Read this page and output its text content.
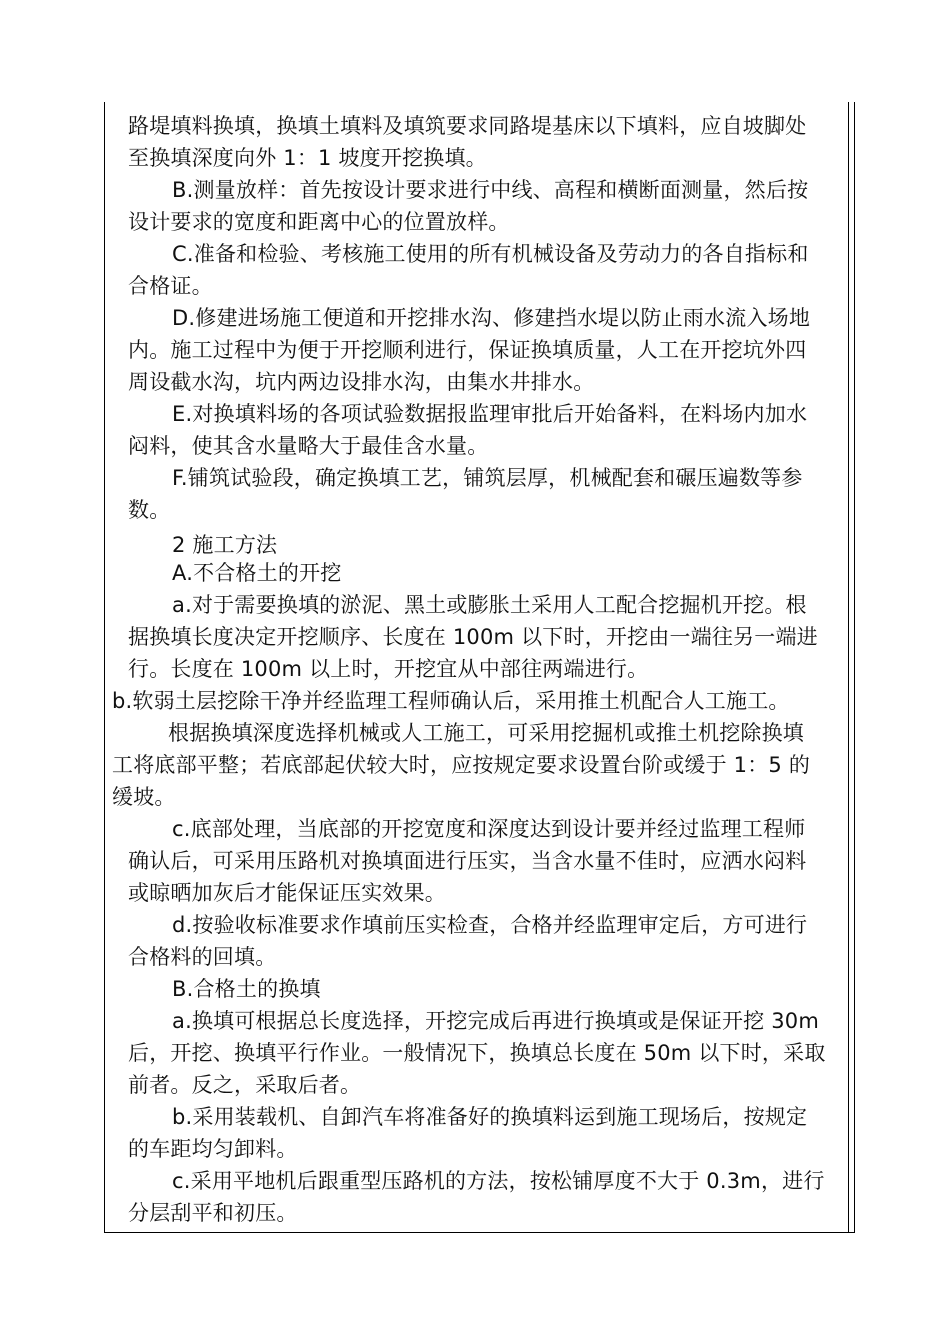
路堤填料换填，换填土填料及填筑要求同路堤基床以下填料，应自坡脚处
至换填深度向外 1：1 坡度开挖换填。
B.测量放样：首先按设计要求进行中线、高程和横断面测量，然后按
设计要求的宽度和距离中心的位置放样。
C.准备和检验、考核施工使用的所有机械设备及劳动力的各自指标和
合格证。
D.修建进场施工便道和开挖排水沟、修建挡水堤以防止雨水流入场地
内。施工过程中为便于开挖顺利进行，保证换填质量，人工在开挖坑外四
周设截水沟，坑内两边设排水沟，由集水井排水。
E.对换填料场的各项试验数据报监理审批后开始备料，在料场内加水
闷料，使其含水量略大于最佳含水量。
F.铺筑试验段，确定换填工艺，铺筑层厚，机械配套和碾压遍数等参
数。
2 施工方法
A.不合格土的开挖
a.对于需要换填的淤泥、黑土或膨胀土采用人工配合挖掘机开挖。根
据换填长度决定开挖顺序、长度在 100m 以下时，开挖由一端往另一端进
行。长度在 100m 以上时，开挖宜从中部往两端进行。
b.软弱土层挖除干净并经监理工程师确认后，采用推土机配合人工施工。
根据换填深度选择机械或人工施工，可采用挖掘机或推土机挖除换填
工将底部平整；若底部起伏较大时，应按规定要求设置台阶或缓于 1：5 的
缓坡。
c.底部处理，当底部的开挖宽度和深度达到设计要并经过监理工程师
确认后，可采用压路机对换填面进行压实，当含水量不佳时，应洒水闷料
或晾晒加灰后才能保证压实效果。
d.按验收标准要求作填前压实检查，合格并经监理审定后，方可进行
合格料的回填。
B.合格土的换填
a.换填可根据总长度选择，开挖完成后再进行换填或是保证开挖 30m
后，开挖、换填平行作业。一般情况下，换填总长度在 50m 以下时，采取
前者。反之，采取后者。
b.采用装载机、自卸汽车将准备好的换填料运到施工现场后，按规定
的车距均匀卸料。
c.采用平地机后跟重型压路机的方法，按松铺厚度不大于 0.3m，进行
分层刮平和初压。
